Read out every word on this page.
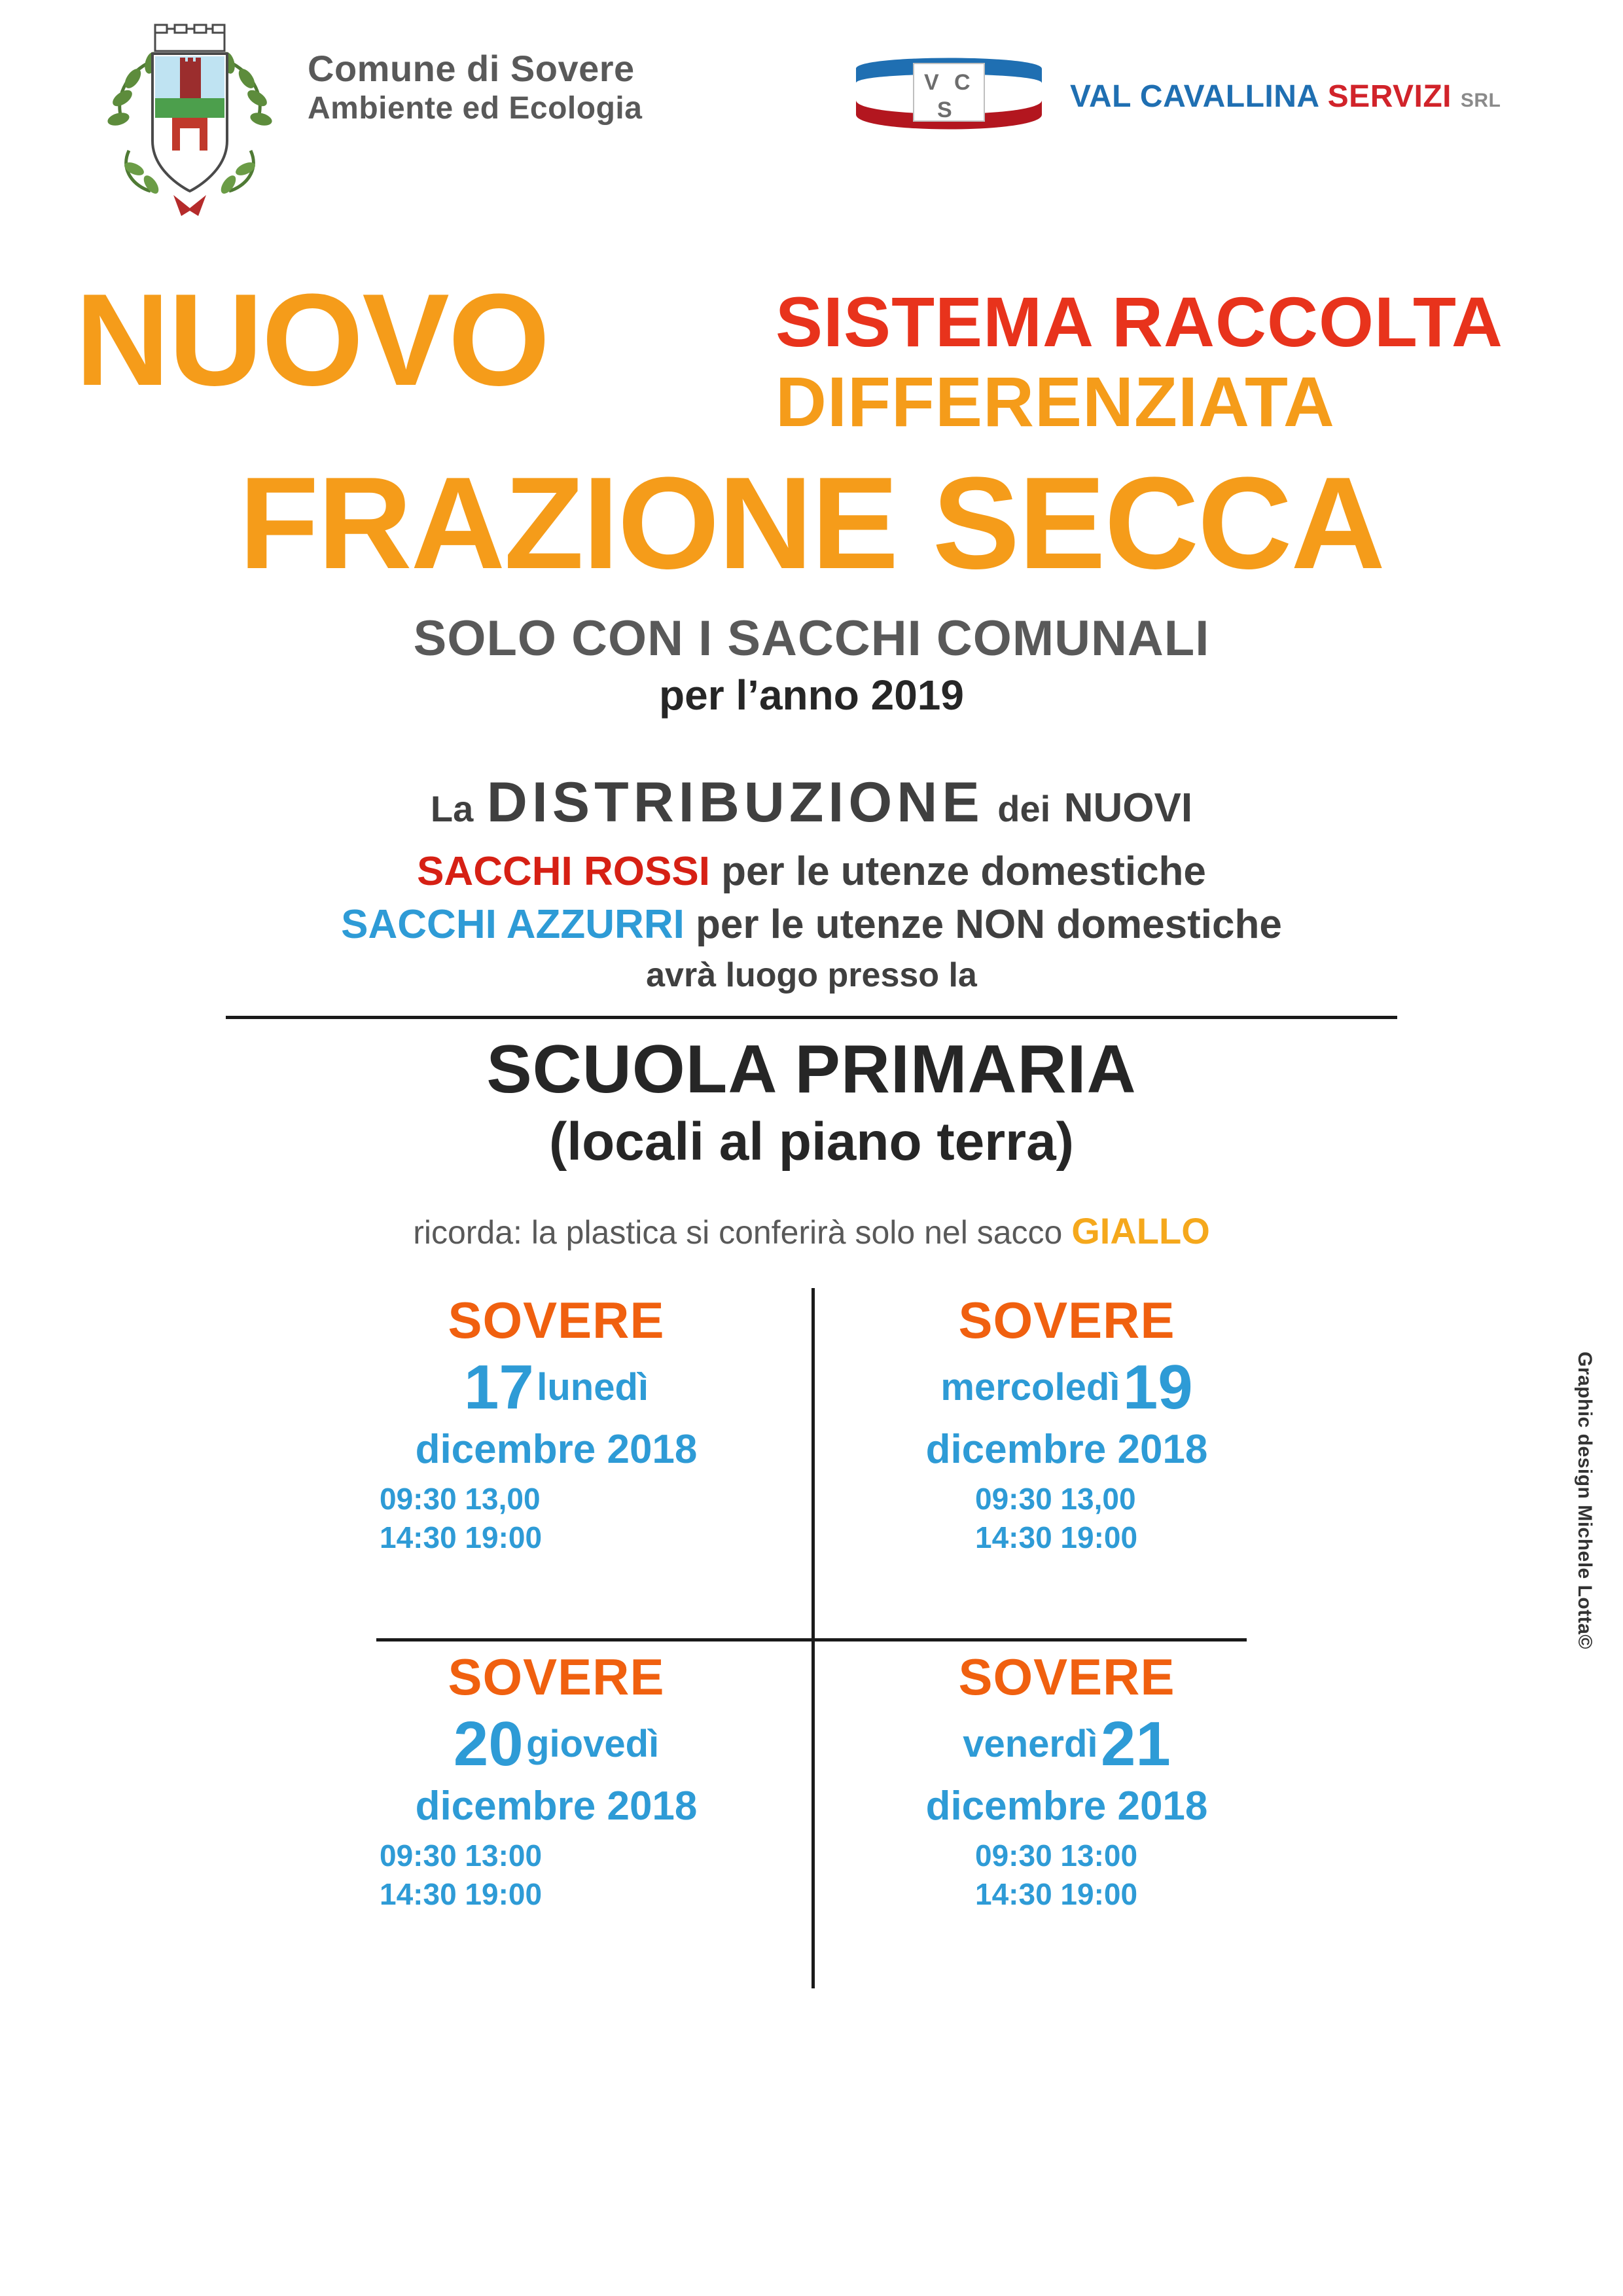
Comune di Sovere
Ambiente ed Ecologia
V C
S	VAL CAVALLINA SERVIZI SRL
NUOVO	SISTEMA RACCOLTA
DIFFERENZIATA
FRAZIONE SECCA
SOLO CON I SACCHI COMUNALI
per l’anno 2019
La DISTRIBUZIONE dei NUOVI
SACCHI ROSSI per le utenze domestiche
SACCHI AZZURRI per le utenze NON domestiche
avrà luogo presso la
SCUOLA PRIMARIA
(locali al piano terra)
ricorda: la plastica si conferirà solo nel sacco GIALLO
SOVERE
17 lunedì
dicembre 2018
09:30 13,00
14:30 19:00
SOVERE
mercoledì 19
dicembre 2018
09:30 13,00
14:30 19:00
SOVERE
20 giovedì
dicembre 2018
09:30 13:00
14:30 19:00
SOVERE
venerdì 21
dicembre 2018
09:30 13:00
14:30 19:00
Graphic design Michele Lotta©
